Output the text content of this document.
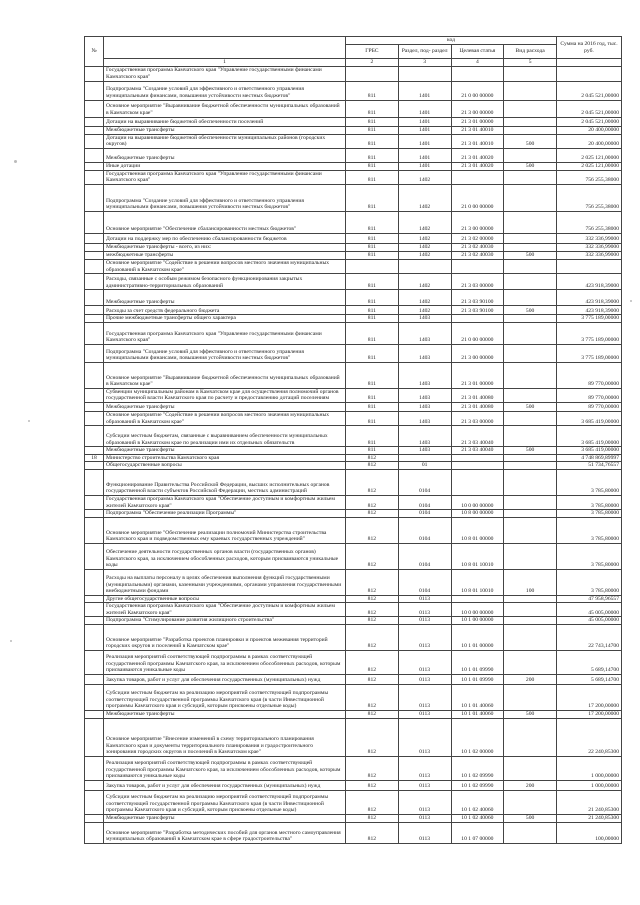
№		код				Сумма на 2016 год, тыс. руб.
		ГРБС	Раздел, под- раздел	Целевая статья	Вид расхода	
	1	2	3	4	5	
	Государственная программа Камчатского края "Управление государственными финансами Камчатского края"					
	Подпрограмма "Создание условий для эффективного и ответственного управления муниципальными финансами, повышения устойчивости местных бюджетов"	811	1401	21 0 00 00000		2 045 521,00000
	Основное мероприятие "Выравнивание бюджетной обеспеченности муниципальных образований в Камчатском крае"	811	1401	21 3 00 00000		2 045 521,00000
	Дотации на выравнивание бюджетной обеспеченности поселений	811	1401	21 3 01 00000		2 045 521,00000
	Межбюджетные трансферты	811	1401	21 3 01 40010		20 400,00000
	Дотации на выравнивание бюджетной обеспеченности муниципальных районов (городских округов)	811	1401	21 3 01 40010	500	20 400,00000
	Межбюджетные трансферты	811	1401	21 3 01 40020		2 025 121,00000
	Иные дотации	811	1401	21 3 01 40020	500	2 025 121,00000
	Государственная программа Камчатского края "Управление государственными финансами Камчатского края"	811	1402			756 255,38000
	Подпрограмма "Создание условий для эффективного и ответственного управления муниципальными финансами, повышения устойчивости местных бюджетов"	811	1402	21 0 00 00000		756 255,38000
	Основное мероприятие "Обеспечение сбалансированности местных бюджетов"	811	1402	21 3 00 00000		756 255,38000
	Дотации на поддержку мер по обеспечению сбалансированности бюджетов	811	1402	21 3 02 00000		332 336,99000
	Межбюджетные трансферты - всего, из них:	811	1402	21 3 02 40030		332 336,99000
	межбюджетные трансферты	811	1402	21 3 02 40030	500	332 336,99000
	Основное мероприятие "Содействие в решении вопросов местного значения муниципальных образований в Камчатском крае"					
	Расходы, связанные с особым режимом безопасного функционирования закрытых административно-территориальных образований	811	1402	21 3 03 00000		423 918,39000
	Межбюджетные трансферты	811	1402	21 3 03 90100		423 918,39000
	Расходы за счет средств федерального бюджета	811	1402	21 3 03 90100	500	423 918,39000
	Прочие межбюджетные трансферты общего характера	811	1403			3 775 189,00000
	Государственная программа Камчатского края "Управление государственными финансами Камчатского края"	811	1403	21 0 00 00000		3 775 189,00000
	Подпрограмма "Создание условий для эффективного и ответственного управления муниципальными финансами, повышения устойчивости местных бюджетов"	811	1403	21 3 00 00000		3 775 189,00000
	Основное мероприятие "Выравнивание бюджетной обеспеченности муниципальных образований в Камчатском крае"	811	1403	21 3 01 00000		89 770,00000
	Субвенции муниципальным районам в Камчатском крае для осуществления полномочий органов государственной власти Камчатского края по расчету и предоставлению дотаций поселениям	811	1403	21 3 01 40080		89 770,00000
	Межбюджетные трансферты	811	1403	21 3 01 40080	500	89 770,00000
	Основное мероприятие "Содействие в решении вопросов местного значения муниципальных образований в Камчатском крае"	811	1403	21 3 03 00000		3 685 419,00000
	Субсидии местным бюджетам, связанные с выравниванием обеспеченности муниципальных образований в Камчатском крае по реализации ими их отдельных обязательств	811	1403	21 3 03 40040		3 685 419,00000
	Межбюджетные трансферты	811	1403	21 3 03 40040	500	3 685 419,00000
18	Министерство строительства Камчатского края	812				4 748 869,89997
	Общегосударственные вопросы	812	01			51 734,76557
	Функционирование Правительства Российской Федерации, высших исполнительных органов государственной власти субъектов Российской Федерации, местных администраций	812	0104			3 785,80000
	Государственная программа Камчатского края "Обеспечение доступным и комфортным жильем жителей Камчатского края"	812	0104	10 0 00 00000		3 785,80000
	Подпрограмма "Обеспечение реализации Программы"	812	0104	10 8 00 00000		3 785,80000
	Основное мероприятие "Обеспечение реализации полномочий Министерства строительства Камчатского края и подведомственных ему краевых государственных учреждений"	812	0104	10 8 01 00000		3 785,80000
	Обеспечение деятельности государственных органов власти (государственных органов) Камчатского края, за исключением обособленных расходов, которым присваиваются уникальные коды	812	0104	10 8 01 10010		3 785,80000
	Расходы на выплаты персоналу в целях обеспечения выполнения функций государственными (муниципальными) органами, казенными учреждениями, органами управления государственными внебюджетными фондами	812	0104	10 8 01 10010	100	3 785,80000
	Другие общегосударственные вопросы	812	0113			47 958,96557
	Государственная программа Камчатского края "Обеспечение доступным и комфортным жильем жителей Камчатского края"	812	0113	10 0 00 00000		45 005,00000
	Подпрограмма "Стимулирование развития жилищного строительства"	812	0113	10 1 00 00000		45 005,00000
	Основное мероприятие "Разработка проектов планировки и проектов межевания территорий городских округов и поселений в Камчатском крае"	812	0113	10 1 01 00000		22 743,14700
	Реализация мероприятий соответствующей подпрограммы в рамках соответствующей государственной программы Камчатского края, за исключением обособленных расходов, которым присваиваются уникальные коды	812	0113	10 1 01 09990		5 689,14700
	Закупка товаров, работ и услуг для обеспечения государственных (муниципальных) нужд	812	0113	10 1 01 09990	200	5 689,14700
	Субсидии местным бюджетам на реализацию мероприятий соответствующей подпрограммы соответствующей государственной программы Камчатского края (в части Инвестиционной программы Камчатского края и субсидий, которым присвоены отдельные коды)	812	0113	10 1 01 40060		17 200,00000
	Межбюджетные трансферты	812	0113	10 1 01 40060	500	17 200,00000
	Основное мероприятие "Внесение изменений в схему территориального планирования Камчатского края и документы территориального планирования и градостроительного зонирования городских округов и поселений в Камчатском крае"	812	0113	10 1 02 00000		22 240,85300
	Реализация мероприятий соответствующей подпрограммы в рамках соответствующей государственной программы Камчатского края, за исключением обособленных расходов, которым присваиваются уникальные коды	812	0113	10 1 02 09990		1 000,00000
	Закупка товаров, работ и услуг для обеспечения государственных (муниципальных) нужд	812	0113	10 1 02 09990	200	1 000,00000
	Субсидии местным бюджетам на реализацию мероприятий соответствующей подпрограммы соответствующей государственной программы Камчатского края (в части Инвестиционной программы Камчатского края и субсидий, которым присвоены отдельные коды)	812	0113	10 1 02 40060		21 240,85300
	Межбюджетные трансферты	812	0113	10 1 02 40060	500	21 240,85300
	Основное мероприятие "Разработка методических пособий для органов местного самоуправления муниципальных образований в Камчатском крае в сфере градостроительства"	812	0113	10 1 07 00000		100,00000
